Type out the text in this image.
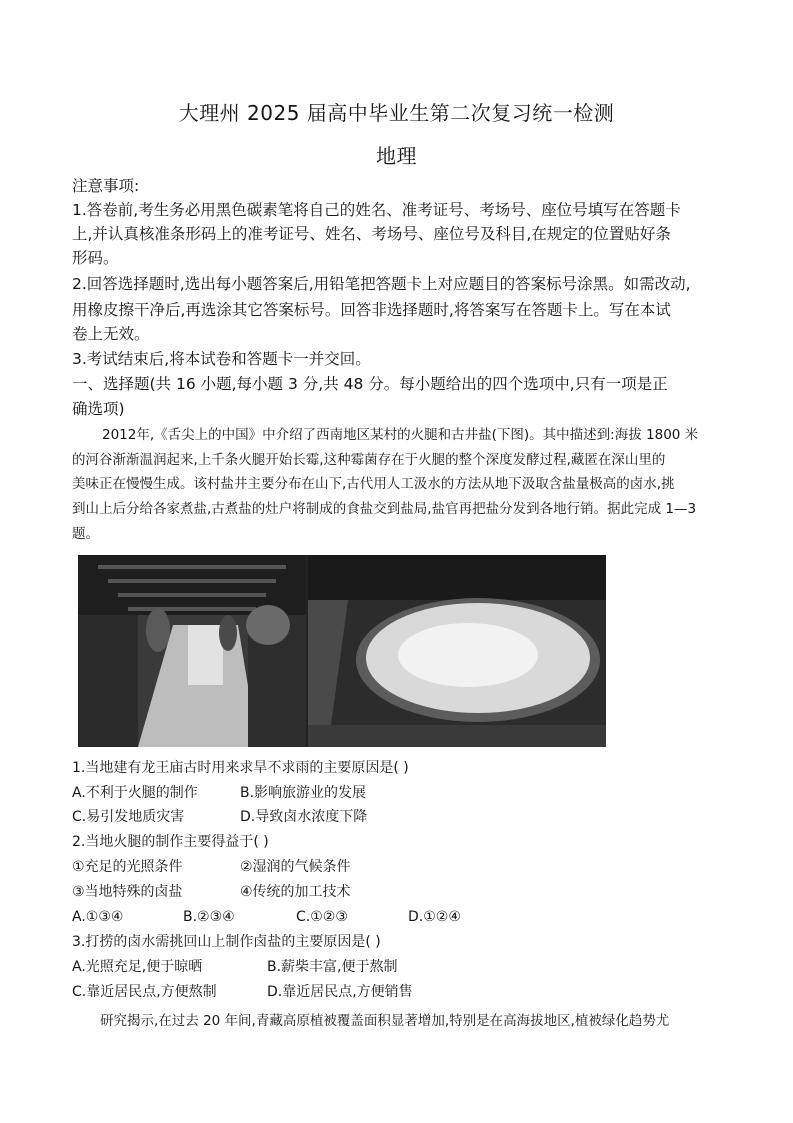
大理州 2025 届高中毕业生第二次复习统一检测
地理
注意事项:
1.答卷前,考生务必用黑色碳素笔将自己的姓名、准考证号、考场号、座位号填写在答题卡
上,并认真核准条形码上的准考证号、姓名、考场号、座位号及科目,在规定的位置贴好条
形码。
2.回答选择题时,选出每小题答案后,用铅笔把答题卡上对应题目的答案标号涂黑。如需改动,
用橡皮擦干净后,再选涂其它答案标号。回答非选择题时,将答案写在答题卡上。写在本试
卷上无效。
3.考试结束后,将本试卷和答题卡一并交回。
一、选择题(共 16 小题,每小题 3 分,共 48 分。每小题给出的四个选项中,只有一项是正
确选项)
2012年,《舌尖上的中国》中介绍了西南地区某村的火腿和古井盐(下图)。其中描述到:海拔 1800 米
的河谷渐渐温润起来,上千条火腿开始长霉,这种霉菌存在于火腿的整个深度发酵过程,藏匿在深山里的
美味正在慢慢生成。该村盐井主要分布在山下,古代用人工汲水的方法从地下汲取含盐量极高的卤水,挑
到山上后分给各家煮盐,古煮盐的灶户将制成的食盐交到盐局,盐官再把盐分发到各地行销。据此完成 1—3
题。
1.当地建有龙王庙古时用来求旱不求雨的主要原因是( )
A.不利于火腿的制作	B.影响旅游业的发展
C.易引发地质灾害	D.导致卤水浓度下降
2.当地火腿的制作主要得益于( )
①充足的光照条件	②湿润的气候条件
③当地特殊的卤盐	④传统的加工技术
A.①③④	B.②③④	C.①②③	D.①②④
3.打捞的卤水需挑回山上制作卤盐的主要原因是( )
A.光照充足,便于晾晒	B.薪柴丰富,便于熬制
C.靠近居民点,方便熬制	D.靠近居民点,方便销售
研究揭示,在过去 20 年间,青藏高原植被覆盖面积显著增加,特别是在高海拔地区,植被绿化趋势尤
